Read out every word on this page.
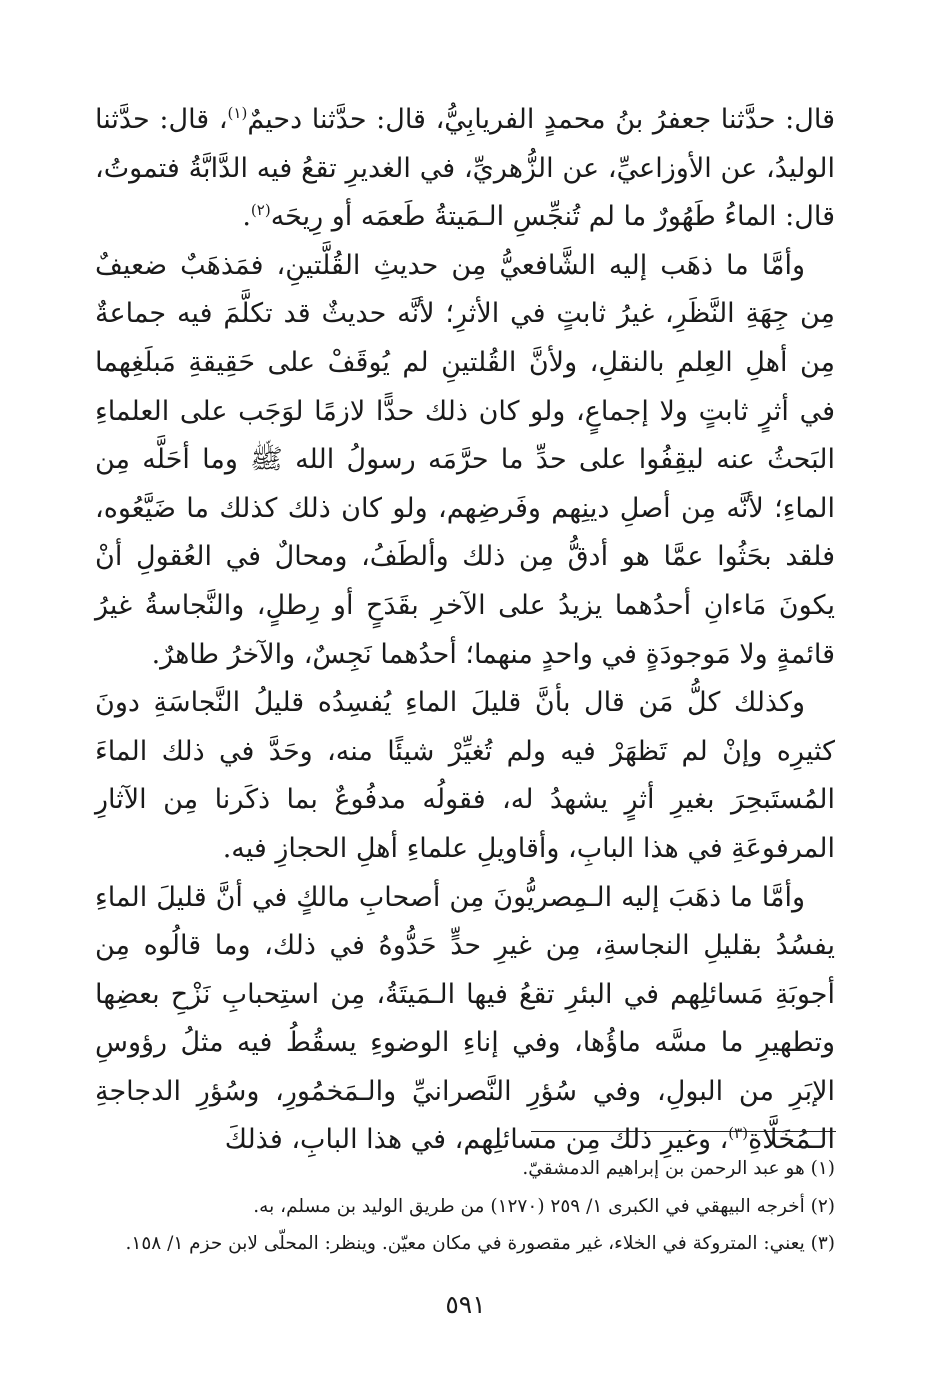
قال: حدَّثنا جعفرُ بنُ محمدٍ الفريابِيُّ، قال: حدَّثنا دحيمٌ$^{(١)}$، قال: حدَّثنا الوليدُ، عن الأوزاعيِّ، عن الزُّهريِّ، في الغديرِ تقعُ فيه الدَّابَّةُ فتموتُ، قال: الماءُ طَهُورٌ ما لم تُنجِّسِ الـمَيتةُ طَعمَه أو رِيحَه$^{(٢)}$.

وأمَّا ما ذهَب إليه الشَّافعيُّ مِن حديثِ القُلَّتينِ، فمَذهَبٌ ضعيفٌ مِن جِهَةِ النَّظَرِ، غيرُ ثابتٍ في الأثرِ؛ لأنَّه حديثٌ قد تكلَّمَ فيه جماعةٌ مِن أهلِ العِلمِ بالنقلِ، ولأنَّ القُلتينِ لم يُوقَفْ على حَقِيقةِ مَبلَغِهما في أثرٍ ثابتٍ ولا إجماعٍ، ولو كان ذلك حدًّا لازمًا لوَجَب على العلماءِ البَحثُ عنه ليقِفُوا على حدِّ ما حرَّمَه رسولُ الله ﷺ وما أحَلَّه مِن الماءِ؛ لأنَّه مِن أصلِ دينِهم وفَرضِهم، ولو كان ذلك كذلك ما ضَيَّعُوه، فلقد بحَثُوا عمَّا هو أدقُّ مِن ذلك وألطَفُ، ومحالٌ في العُقولِ أنْ يكونَ مَاءانِ أحدُهما يزيدُ على الآخرِ بقَدَحٍ أو رِطلٍ، والنَّجاسةُ غيرُ قائمةٍ ولا مَوجودَةٍ في واحدٍ منهما؛ أحدُهما نَجِسٌ، والآخرُ طاهرٌ.

وكذلك كلُّ مَن قال بأنَّ قليلَ الماءِ يُفسِدُه قليلُ النَّجاسَةِ دونَ كثيرِه وإنْ لم تَظهَرْ فيه ولم تُغيِّرْ شيئًا منه، وحَدَّ في ذلك الماءَ المُستَبحِرَ بغيرِ أثرٍ يشهدُ له، فقولُه مدفُوعٌ بما ذكَرنا مِن الآثارِ المرفوعَةِ في هذا البابِ، وأقاويلِ علماءِ أهلِ الحجازِ فيه.

وأمَّا ما ذهَبَ إليه الـمِصريُّونَ مِن أصحابِ مالكٍ في أنَّ قليلَ الماءِ يفسُدُ بقليلِ النجاسةِ، مِن غيرِ حدٍّ حَدُّوهُ في ذلك، وما قالُوه مِن أجوبَةِ مَسائلِهم في البئرِ تقعُ فيها الـمَيتَةُ، مِن استِحبابِ نَزْحِ بعضِها وتطهيرِ ما مسَّه ماؤُها، وفي إناءِ الوضوءِ يسقُطُ فيه مثلُ رؤوسِ الإبَرِ من البولِ، وفي سُؤرِ النَّصرانيِّ والـمَخمُورِ، وسُؤرِ الدجاجةِ الـمُخَلَّاةِ$^{(٣)}$، وغيرِ ذلك مِن مسائلِهم، في هذا البابِ، فذلكَ

(١) هو عبد الرحمن بن إبراهيم الدمشقيّ.

(٢) أخرجه البيهقي في الكبرى ١/ ٢٥٩ (١٢٧٠) من طريق الوليد بن مسلم، به.

(٣) يعني: المتروكة في الخلاء، غير مقصورة في مكان معيّن. وينظر: المحلّى لابن حزم ١/ ١٥٨.

٥٩١
